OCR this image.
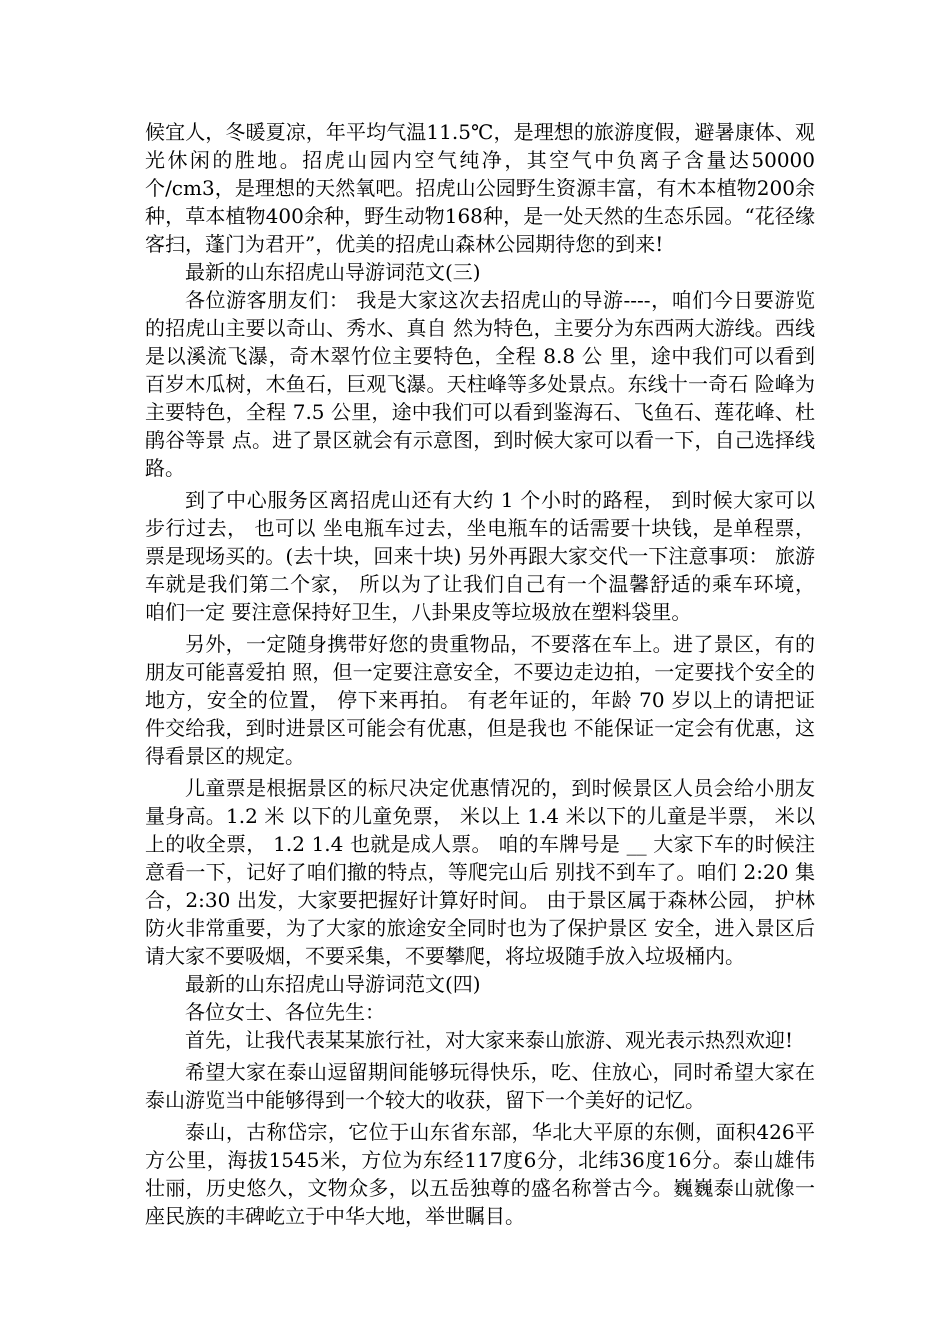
候宜人，冬暖夏凉，年平均气温11.5℃，是理想的旅游度假，避暑康体、观光休闲的胜地。招虎山园内空气纯净，其空气中负离子含量达50000个/cm3，是理想的天然氧吧。招虎山公园野生资源丰富，有木本植物200余种，草本植物400余种，野生动物168种，是一处天然的生态乐园。“花径缘客扫，蓬门为君开”，优美的招虎山森林公园期待您的到来!

最新的山东招虎山导游词范文(三)

各位游客朋友们： 我是大家这次去招虎山的导游----，咱们今日要游览的招虎山主要以奇山、秀水、真自 然为特色，主要分为东西两大游线。西线是以溪流飞瀑，奇木翠竹位主要特色，全程 8.8 公 里，途中我们可以看到百岁木瓜树，木鱼石，巨观飞瀑。天柱峰等多处景点。东线十一奇石 险峰为主要特色，全程 7.5 公里，途中我们可以看到鉴海石、飞鱼石、莲花峰、杜鹃谷等景 点。进了景区就会有示意图，到时候大家可以看一下，自己选择线路。

到了中心服务区离招虎山还有大约 1 个小时的路程， 到时候大家可以步行过去， 也可以 坐电瓶车过去，坐电瓶车的话需要十块钱，是单程票，票是现场买的。(去十块，回来十块) 另外再跟大家交代一下注意事项： 旅游车就是我们第二个家， 所以为了让我们自己有一个温馨舒适的乘车环境， 咱们一定 要注意保持好卫生，八卦果皮等垃圾放在塑料袋里。

另外，一定随身携带好您的贵重物品，不要落在车上。进了景区，有的朋友可能喜爱拍 照，但一定要注意安全，不要边走边拍，一定要找个安全的地方，安全的位置， 停下来再拍。 有老年证的，年龄 70 岁以上的请把证件交给我，到时进景区可能会有优惠，但是我也 不能保证一定会有优惠，这得看景区的规定。

儿童票是根据景区的标尺决定优惠情况的，到时候景区人员会给小朋友量身高。1.2 米 以下的儿童免票， 米以上 1.4 米以下的儿童是半票， 米以上的收全票， 1.2 1.4 也就是成人票。 咱的车牌号是 __ 大家下车的时候注意看一下，记好了咱们撤的特点，等爬完山后 别找不到车了。咱们 2:20 集合，2:30 出发，大家要把握好计算好时间。 由于景区属于森林公园， 护林防火非常重要，为了大家的旅途安全同时也为了保护景区 安全，进入景区后请大家不要吸烟，不要采集，不要攀爬，将垃圾随手放入垃圾桶内。

最新的山东招虎山导游词范文(四)

各位女士、各位先生：

首先，让我代表某某旅行社，对大家来泰山旅游、观光表示热烈欢迎!

希望大家在泰山逗留期间能够玩得快乐，吃、住放心，同时希望大家在泰山游览当中能够得到一个较大的收获，留下一个美好的记忆。

泰山，古称岱宗，它位于山东省东部，华北大平原的东侧，面积426平方公里，海拔1545米，方位为东经117度6分，北纬36度16分。泰山雄伟壮丽，历史悠久，文物众多，以五岳独尊的盛名称誉古今。巍巍泰山就像一座民族的丰碑屹立于中华大地，举世瞩目。
